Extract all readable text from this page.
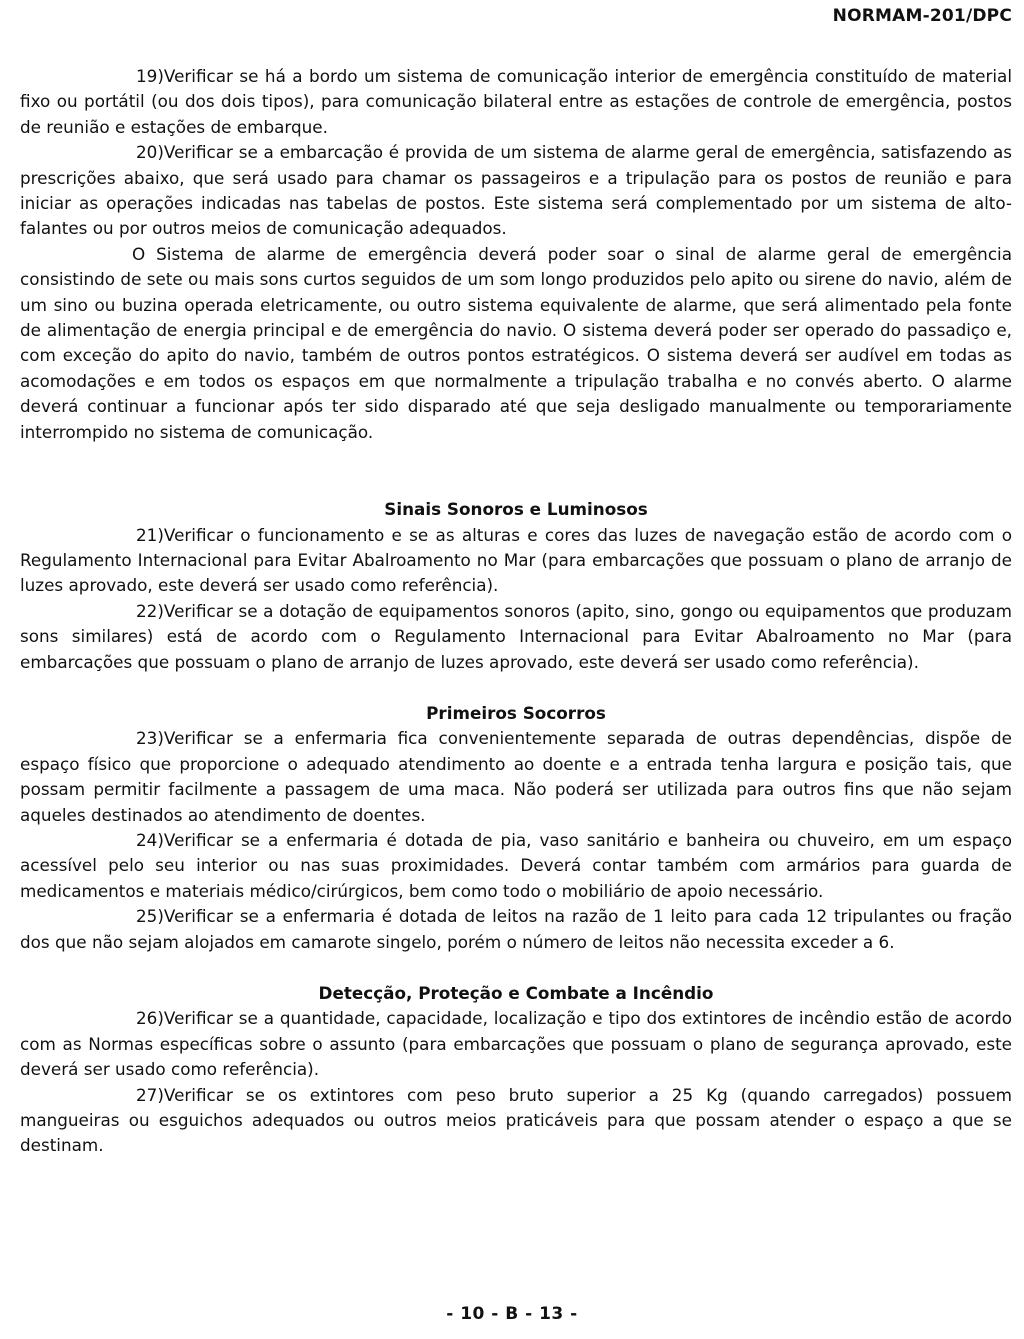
NORMAM-201/DPC

19)Verificar se há a bordo um sistema de comunicação interior de emergência constituído de material fixo ou portátil (ou dos dois tipos), para comunicação bilateral entre as estações de controle de emergência, postos de reunião e estações de embarque.

20)Verificar se a embarcação é provida de um sistema de alarme geral de emergência, satisfazendo as prescrições abaixo, que será usado para chamar os passageiros e a tripulação para os postos de reunião e para iniciar as operações indicadas nas tabelas de postos. Este sistema será complementado por um sistema de alto-falantes ou por outros meios de comunicação adequados.

O Sistema de alarme de emergência deverá poder soar o sinal de alarme geral de emergência consistindo de sete ou mais sons curtos seguidos de um som longo produzidos pelo apito ou sirene do navio, além de um sino ou buzina operada eletricamente, ou outro sistema equivalente de alarme, que será alimentado pela fonte de alimentação de energia principal e de emergência do navio. O sistema deverá poder ser operado do passadiço e, com exceção do apito do navio, também de outros pontos estratégicos. O sistema deverá ser audível em todas as acomodações e em todos os espaços em que normalmente a tripulação trabalha e no convés aberto. O alarme deverá continuar a funcionar após ter sido disparado até que seja desligado manualmente ou temporariamente interrompido no sistema de comunicação.

Sinais Sonoros e Luminosos

21)Verificar o funcionamento e se as alturas e cores das luzes de navegação estão de acordo com o Regulamento Internacional para Evitar Abalroamento no Mar (para embarcações que possuam o plano de arranjo de luzes aprovado, este deverá ser usado como referência).

22)Verificar se a dotação de equipamentos sonoros (apito, sino, gongo ou equipamentos que produzam sons similares) está de acordo com o Regulamento Internacional para Evitar Abalroamento no Mar (para embarcações que possuam o plano de arranjo de luzes aprovado, este deverá ser usado como referência).

Primeiros Socorros

23)Verificar se a enfermaria fica convenientemente separada de outras dependências, dispõe de espaço físico que proporcione o adequado atendimento ao doente e a entrada tenha largura e posição tais, que possam permitir facilmente a passagem de uma maca. Não poderá ser utilizada para outros fins que não sejam aqueles destinados ao atendimento de doentes.

24)Verificar se a enfermaria é dotada de pia, vaso sanitário e banheira ou chuveiro, em um espaço acessível pelo seu interior ou nas suas proximidades. Deverá contar também com armários para guarda de medicamentos e materiais médico/cirúrgicos, bem como todo o mobiliário de apoio necessário.

25)Verificar se a enfermaria é dotada de leitos na razão de 1 leito para cada 12 tripulantes ou fração dos que não sejam alojados em camarote singelo, porém o número de leitos não necessita exceder a 6.

Detecção, Proteção e Combate a Incêndio

26)Verificar se a quantidade, capacidade, localização e tipo dos extintores de incêndio estão de acordo com as Normas específicas sobre o assunto (para embarcações que possuam o plano de segurança aprovado, este deverá ser usado como referência).

27)Verificar se os extintores com peso bruto superior a 25 Kg (quando carregados) possuem mangueiras ou esguichos adequados ou outros meios praticáveis para que possam atender o espaço a que se destinam.

- 10 - B - 13 -
